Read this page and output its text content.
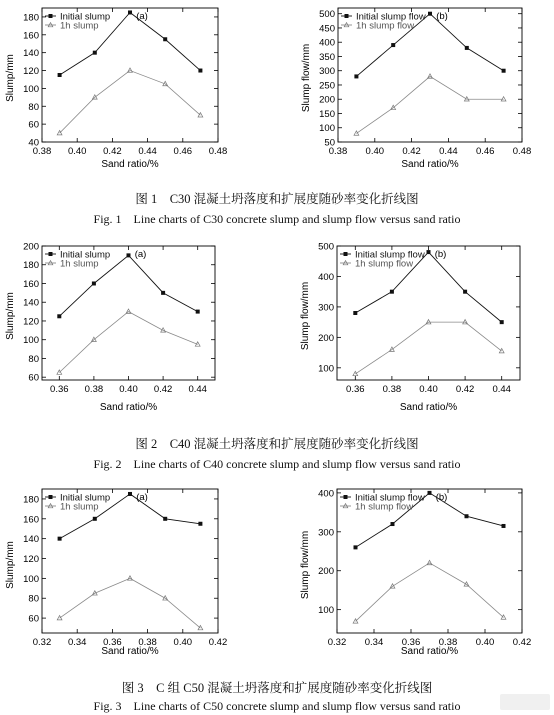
0.38 0.40 0.42 0.44 0.46 0.48
40
60
80
100
120
140
160
180
Sand ratio/%
Slump/mm
(a)
Initial slump
1h slump
0.38 0.40 0.42 0.44 0.46 0.48
50
100
150
200
250
300
350
400
450
500
Sand ratio/%
Slump flow/mm
(b)
Initial slump flow
1h slump flow
0.36 0.38 0.40 0.42 0.44
60
80
100
120
140
160
180
200
Sand ratio/%
Slump/mm
(a)
Initial slump
1h slump
0.36 0.38 0.40 0.42 0.44
100
200
300
400
500
Sand ratio/%
Slump flow/mm
(b)
Initial slump flow
1h slump flow
0.32 0.34 0.36 0.38 0.40 0.42
60
80
100
120
140
160
180
Sand ratio/%
Slump/mm
(a)
Initial slump
1h slump
0.32 0.34 0.36 0.38 0.40 0.42
100
200
300
400
Sand ratio/%
Slump flow/mm
(b)
Initial slump flow
1h slump flow
图 1　C30 混凝土坍落度和扩展度随砂率变化折线图
Fig. 1　Line charts of C30 concrete slump and slump flow versus sand ratio
图 2　C40 混凝土坍落度和扩展度随砂率变化折线图
Fig. 2　Line charts of C40 concrete slump and slump flow versus sand ratio
图 3　C 组 C50 混凝土坍落度和扩展度随砂率变化折线图
Fig. 3　Line charts of C50 concrete slump and slump flow versus sand ratio
